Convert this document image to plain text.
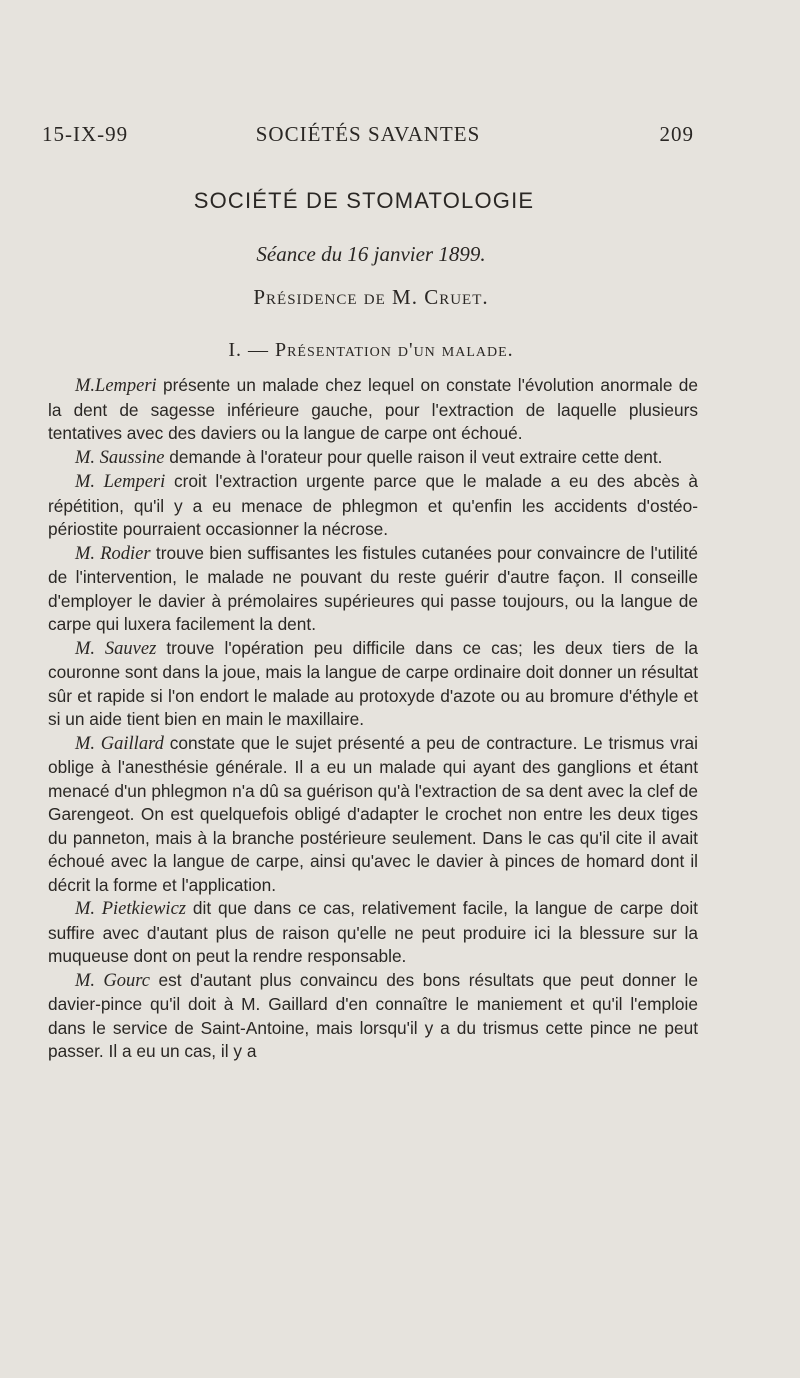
15-IX-99	SOCIÉTÉS SAVANTES	209
SOCIÉTÉ DE STOMATOLOGIE
Séance du 16 janvier 1899.
Présidence de M. Cruet.
I. — Présentation d'un malade.

M.Lemperi présente un malade chez lequel on constate l'évolution anormale de la dent de sagesse inférieure gauche, pour l'extraction de laquelle plusieurs tentatives avec des daviers ou la langue de carpe ont échoué.

M. Saussine demande à l'orateur pour quelle raison il veut extraire cette dent.

M. Lemperi croit l'extraction urgente parce que le malade a eu des abcès à répétition, qu'il y a eu menace de phlegmon et qu'enfin les accidents d'ostéo-périostite pourraient occasionner la nécrose.

M. Rodier trouve bien suffisantes les fistules cutanées pour convaincre de l'utilité de l'intervention, le malade ne pouvant du reste guérir d'autre façon. Il conseille d'employer le davier à prémolaires supérieures qui passe toujours, ou la langue de carpe qui luxera facilement la dent.

M. Sauvez trouve l'opération peu difficile dans ce cas; les deux tiers de la couronne sont dans la joue, mais la langue de carpe ordinaire doit donner un résultat sûr et rapide si l'on endort le malade au protoxyde d'azote ou au bromure d'éthyle et si un aide tient bien en main le maxillaire.

M. Gaillard constate que le sujet présenté a peu de contracture. Le trismus vrai oblige à l'anesthésie générale. Il a eu un malade qui ayant des ganglions et étant menacé d'un phlegmon n'a dû sa guérison qu'à l'extraction de sa dent avec la clef de Garengeot. On est quelquefois obligé d'adapter le crochet non entre les deux tiges du panneton, mais à la branche postérieure seulement. Dans le cas qu'il cite il avait échoué avec la langue de carpe, ainsi qu'avec le davier à pinces de homard dont il décrit la forme et l'application.

M. Pietkiewicz dit que dans ce cas, relativement facile, la langue de carpe doit suffire avec d'autant plus de raison qu'elle ne peut produire ici la blessure sur la muqueuse dont on peut la rendre responsable.

M. Gourc est d'autant plus convaincu des bons résultats que peut donner le davier-pince qu'il doit à M. Gaillard d'en connaître le maniement et qu'il l'emploie dans le service de Saint-Antoine, mais lorsqu'il y a du trismus cette pince ne peut passer. Il a eu un cas, il y a
